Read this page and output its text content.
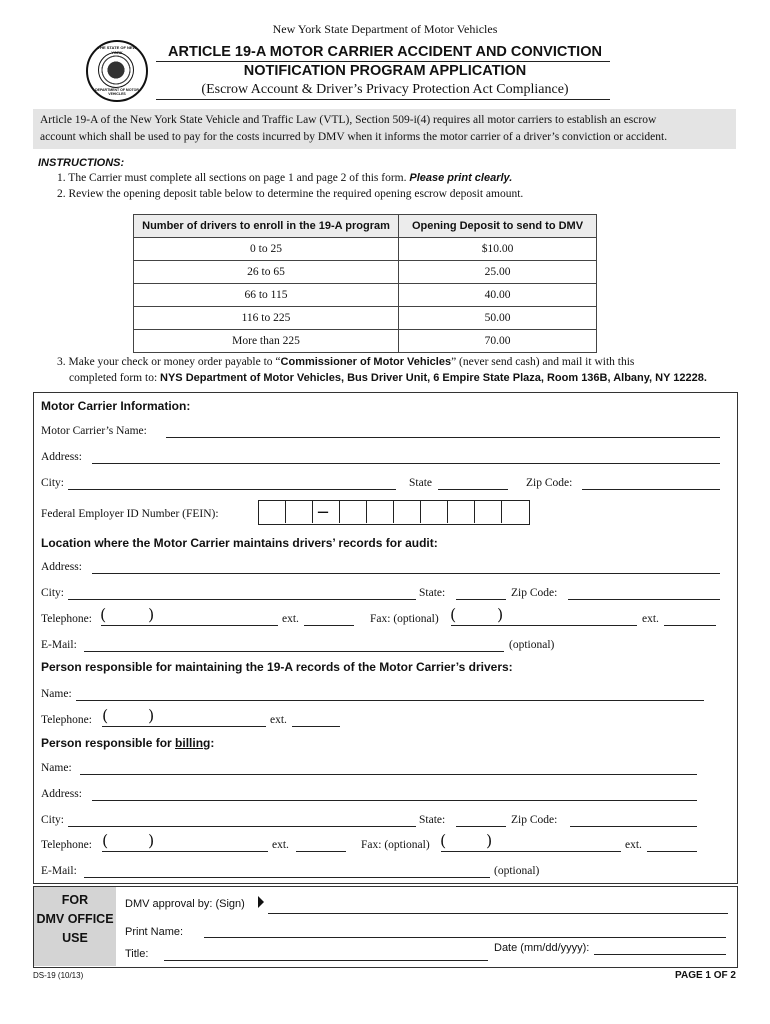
New York State Department of Motor Vehicles
THE STATE OF NEW YORK
DEPARTMENT OF MOTOR VEHICLES
ARTICLE 19-A MOTOR CARRIER ACCIDENT AND CONVICTION
NOTIFICATION PROGRAM APPLICATION
(Escrow Account & Driver’s Privacy Protection Act Compliance)
Article 19-A of the New York State Vehicle and Traffic Law (VTL), Section 509-i(4) requires all motor carriers to establish an escrow
account which shall be used to pay for the costs incurred by DMV when it informs the motor carrier of a driver’s conviction or accident.
INSTRUCTIONS:
1. The Carrier must complete all sections on page 1 and page 2 of this form. Please print clearly.
2. Review the opening deposit table below to determine the required opening escrow deposit amount.
Number of drivers to enroll in the 19-A program	Opening Deposit to send to DMV
0 to 25	$10.00
26 to 65	25.00
66 to 115	40.00
116 to 225	50.00
More than 225	70.00
3. Make your check or money order payable to “Commissioner of Motor Vehicles” (never send cash) and mail it with this
completed form to: NYS Department of Motor Vehicles, Bus Driver Unit, 6 Empire State Plaza, Room 136B, Albany, NY 12228.
Motor Carrier Information:
Motor Carrier’s Name:
Address:
City:	State	Zip Code:
Federal Employer ID Number (FEIN):	–
Location where the Motor Carrier maintains drivers’ records for audit:
Address:
City:	State:	Zip Code:
Telephone: (	)	ext.	Fax: (optional) (	)	ext.
E-Mail:	(optional)
Person responsible for maintaining the 19-A records of the Motor Carrier’s drivers:
Name:
Telephone: ( )	ext.
Person responsible for billing:
Name:
Address:
City:	State:	Zip Code:
Telephone: ( )	ext.	Fax: (optional) ( )	ext.
E-Mail:	(optional)
FOR
DMV OFFICE
USE
DMV approval by: (Sign)
Print Name:
Date (mm/dd/yyyy):
Title:
DS-19 (10/13)	PAGE 1 OF 2
